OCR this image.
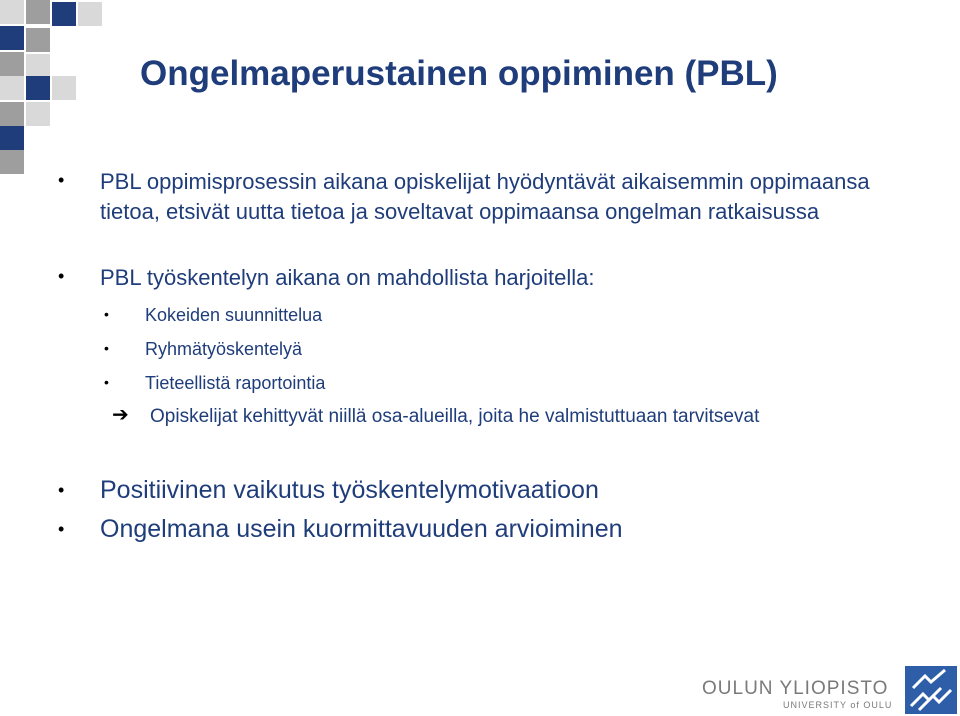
Ongelmaperustainen oppiminen (PBL)
• PBL oppimisprosessin aikana opiskelijat hyödyntävät aikaisemmin oppimaansa tietoa, etsivät uutta tietoa ja soveltavat oppimaansa ongelman ratkaisussa

• PBL työskentelyn aikana on mahdollista harjoitella:

• Kokeiden suunnittelua

• Ryhmätyöskentelyä

• Tieteellistä raportointia

➔ Opiskelijat kehittyvät niillä osa-alueilla, joita he valmistuttuaan tarvitsevat

• Positiivinen vaikutus työskentelymotivaatioon

• Ongelmana usein kuormittavuuden arvioiminen

OULUN YLIOPISTO
UNIVERSITY of OULU
